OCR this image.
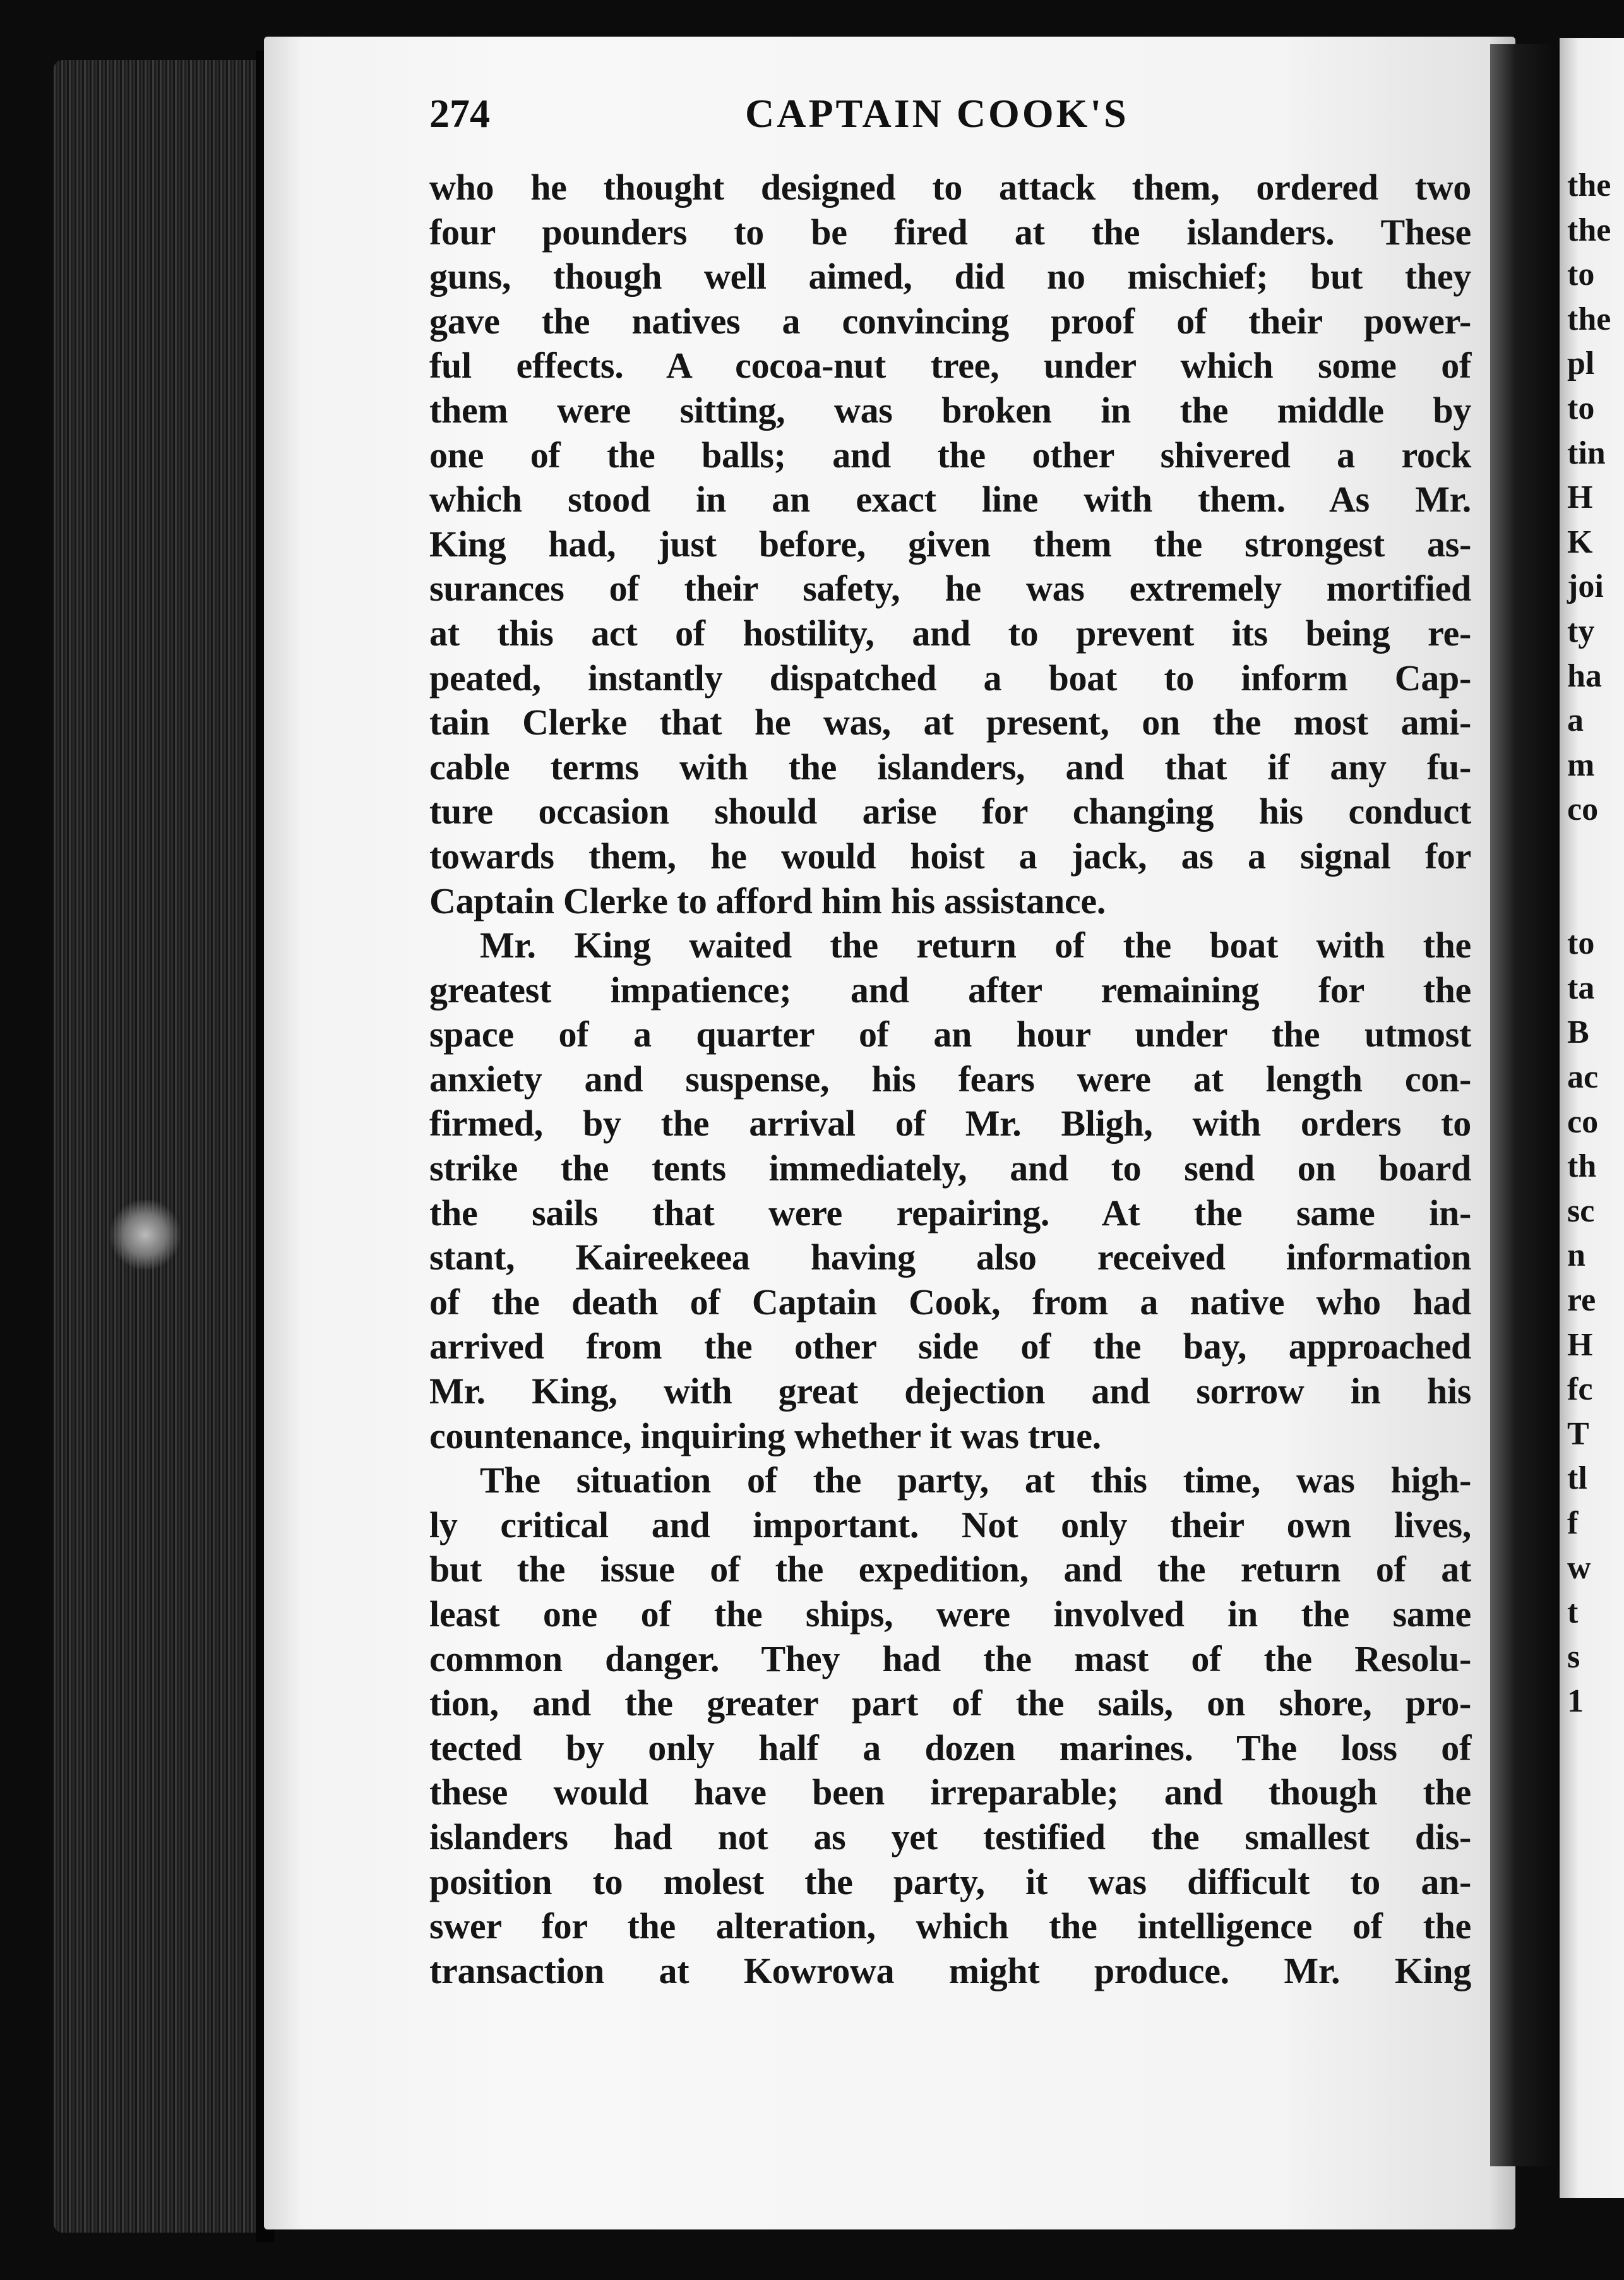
274	CAPTAIN COOK'S
who he thought designed to attack them, ordered two
four pounders to be fired at the islanders. These
guns, though well aimed, did no mischief; but they
gave the natives a convincing proof of their power-
ful effects. A cocoa-nut tree, under which some of
them were sitting, was broken in the middle by
one of the balls; and the other shivered a rock
which stood in an exact line with them. As Mr.
King had, just before, given them the strongest as-
surances of their safety, he was extremely mortified
at this act of hostility, and to prevent its being re-
peated, instantly dispatched a boat to inform Cap-
tain Clerke that he was, at present, on the most ami-
cable terms with the islanders, and that if any fu-
ture occasion should arise for changing his conduct
towards them, he would hoist a jack, as a signal for
Captain Clerke to afford him his assistance.
Mr. King waited the return of the boat with the
greatest impatience; and after remaining for the
space of a quarter of an hour under the utmost
anxiety and suspense, his fears were at length con-
firmed, by the arrival of Mr. Bligh, with orders to
strike the tents immediately, and to send on board
the sails that were repairing. At the same in-
stant, Kaireekeea having also received information
of the death of Captain Cook, from a native who had
arrived from the other side of the bay, approached
Mr. King, with great dejection and sorrow in his
countenance, inquiring whether it was true.
The situation of the party, at this time, was high-
ly critical and important. Not only their own lives,
but the issue of the expedition, and the return of at
least one of the ships, were involved in the same
common danger. They had the mast of the Resolu-
tion, and the greater part of the sails, on shore, pro-
tected by only half a dozen marines. The loss of
these would have been irreparable; and though the
islanders had not as yet testified the smallest dis-
position to molest the party, it was difficult to an-
swer for the alteration, which the intelligence of the
transaction at Kowrowa might produce. Mr. King
the
the
to
the
pl
to
tin
H
K
joi
ty
ha
a
m
co
to
ta
B
ac
co
th
sc
n
re
H
fc
T
tl
f
w
t
s
1
